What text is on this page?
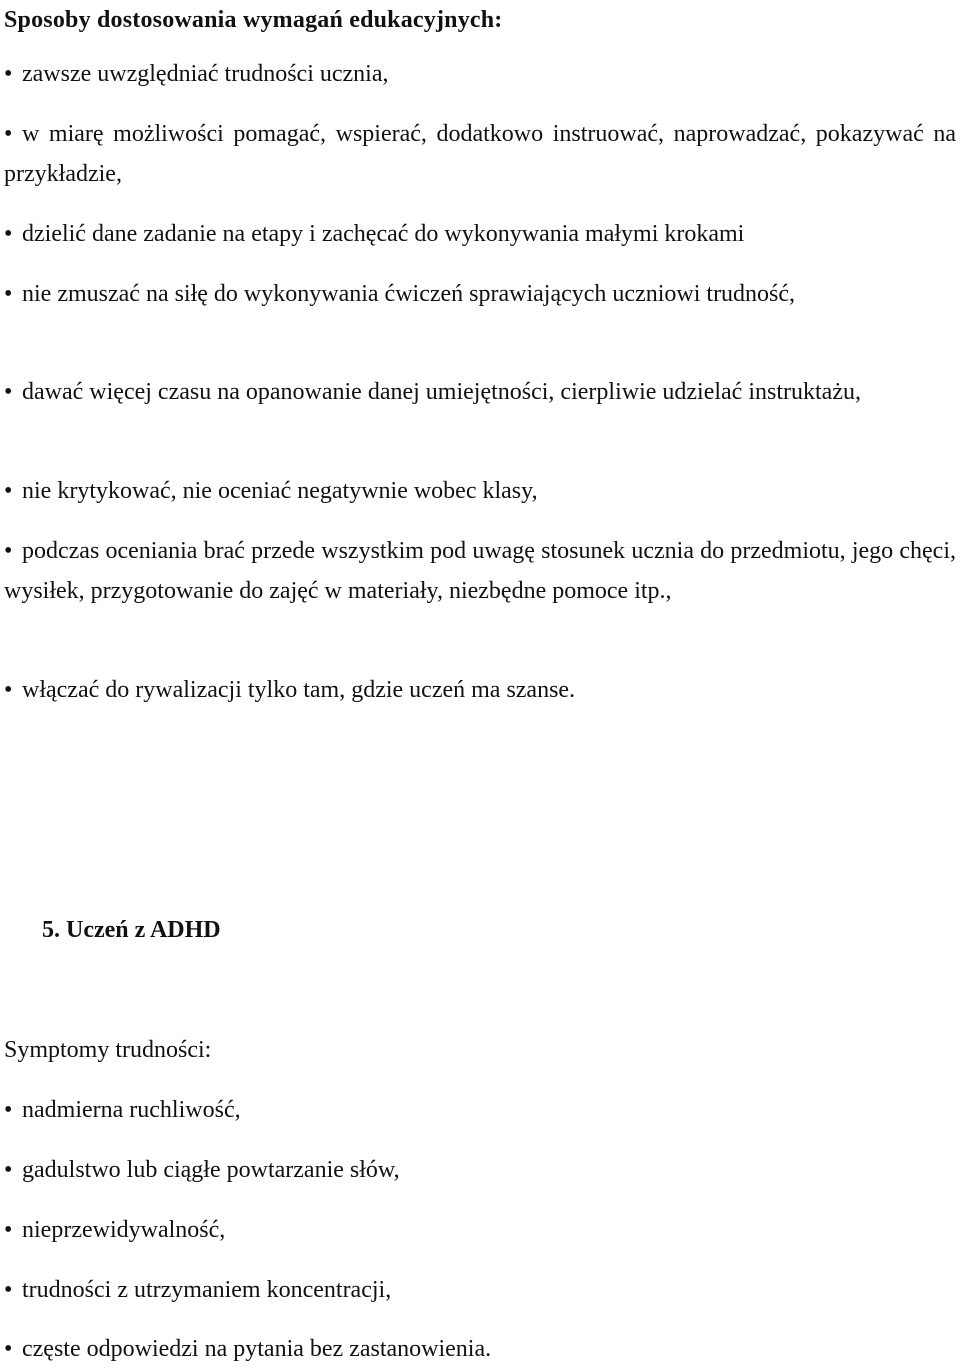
Sposoby dostosowania wymagań edukacyjnych:

• zawsze uwzględniać trudności ucznia,

• w miarę możliwości pomagać, wspierać, dodatkowo instruować, naprowadzać, pokazywać na przykładzie,

• dzielić dane zadanie na etapy i zachęcać do wykonywania małymi krokami

• nie zmuszać na siłę do wykonywania ćwiczeń sprawiających uczniowi trudność,

• dawać więcej czasu na opanowanie danej umiejętności, cierpliwie udzielać instruktażu,

• nie krytykować, nie oceniać negatywnie wobec klasy,

• podczas oceniania brać przede wszystkim pod uwagę stosunek ucznia do przedmiotu, jego chęci, wysiłek, przygotowanie do zajęć w materiały, niezbędne pomoce itp.,

• włączać do rywalizacji tylko tam, gdzie uczeń ma szanse.

5. Uczeń z ADHD

Symptomy trudności:

• nadmierna ruchliwość,

• gadulstwo lub ciągłe powtarzanie słów,

• nieprzewidywalność,

• trudności z utrzymaniem koncentracji,

• częste odpowiedzi na pytania bez zastanowienia.
